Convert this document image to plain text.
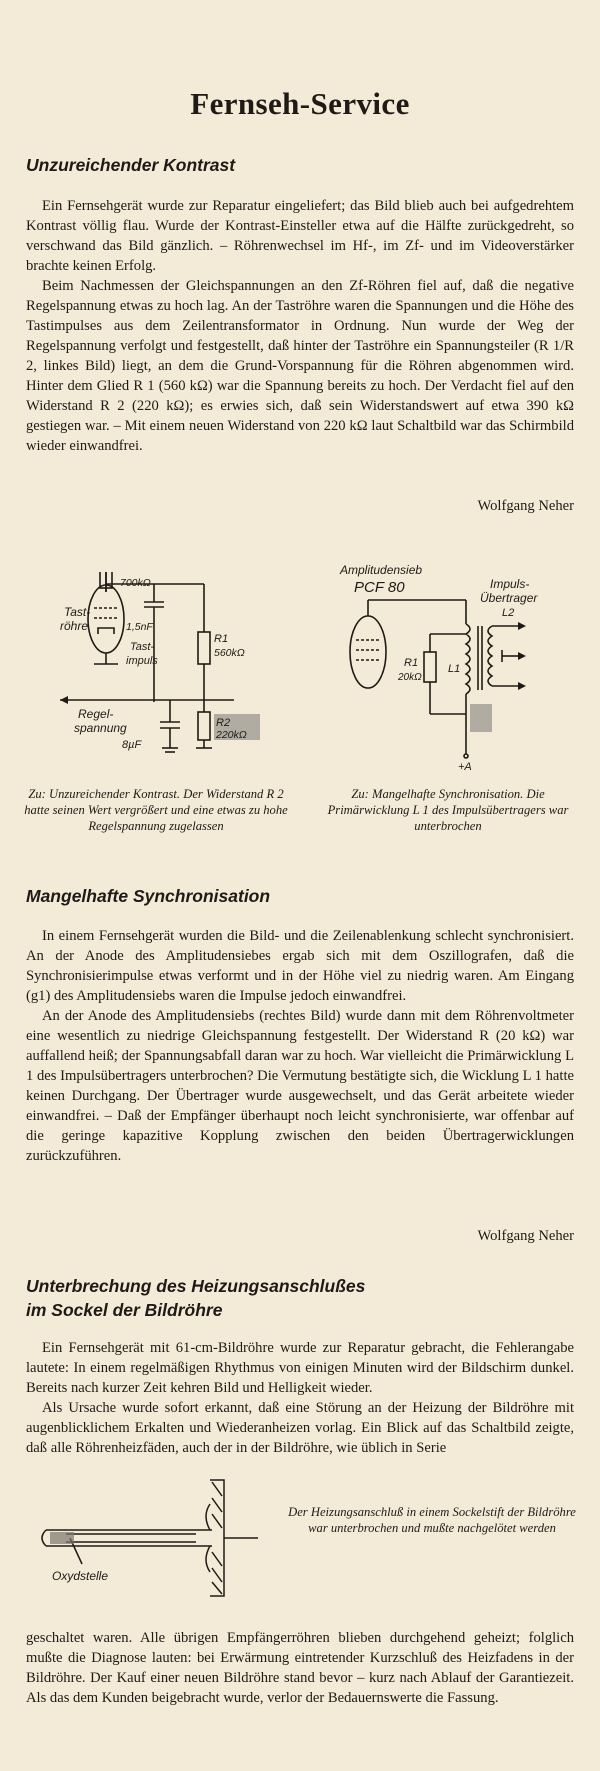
Fernseh-Service
Unzureichender Kontrast

Ein Fernsehgerät wurde zur Reparatur eingeliefert; das Bild blieb auch bei aufgedrehtem Kontrast völlig flau. Wurde der Kontrast-Einsteller etwa auf die Hälfte zurückgedreht, so verschwand das Bild gänzlich. – Röhrenwechsel im Hf-, im Zf- und im Videoverstärker brachte keinen Erfolg.

Beim Nachmessen der Gleichspannungen an den Zf-Röhren fiel auf, daß die negative Regelspannung etwas zu hoch lag. An der Taströhre waren die Spannungen und die Höhe des Tastimpulses aus dem Zeilentransformator in Ordnung. Nun wurde der Weg der Regelspannung verfolgt und festgestellt, daß hinter der Taströhre ein Spannungsteiler (R 1/R 2, linkes Bild) liegt, an dem die Grund-Vorspannung für die Röhren abgenommen wird. Hinter dem Glied R 1 (560 kΩ) war die Spannung bereits zu hoch. Der Verdacht fiel auf den Widerstand R 2 (220 kΩ); es erwies sich, daß sein Widerstandswert auf etwa 390 kΩ gestiegen war. – Mit einem neuen Widerstand von 220 kΩ laut Schaltbild war das Schirmbild wieder einwandfrei.

Wolfgang Neher
Tast-
röhre
700kΩ
1,5nF
Tast-
impuls
R1
560kΩ
R2
220kΩ
Regel-
spannung
8µF
Amplitudensieb
PCF 80	Impuls-
Übertrager
L2
L1
R1
20kΩ
+A

Zu: Unzureichender Kontrast. Der Widerstand R 2 hatte seinen Wert vergrößert und eine etwas zu hohe Regelspannung zugelassen

Zu: Mangelhafte Synchronisation. Die Primärwicklung L 1 des Impulsübertragers war unterbrochen

Mangelhafte Synchronisation

In einem Fernsehgerät wurden die Bild- und die Zeilenablenkung schlecht synchronisiert. An der Anode des Amplitudensiebes ergab sich mit dem Oszillografen, daß die Synchronisierimpulse etwas verformt und in der Höhe viel zu niedrig waren. Am Eingang (g1) des Amplitudensiebs waren die Impulse jedoch einwandfrei.

An der Anode des Amplitudensiebs (rechtes Bild) wurde dann mit dem Röhrenvoltmeter eine wesentlich zu niedrige Gleichspannung festgestellt. Der Widerstand R (20 kΩ) war auffallend heiß; der Spannungsabfall daran war zu hoch. War vielleicht die Primärwicklung L 1 des Impulsübertragers unterbrochen? Die Vermutung bestätigte sich, die Wicklung L 1 hatte keinen Durchgang. Der Übertrager wurde ausgewechselt, und das Gerät arbeitete wieder einwandfrei. – Daß der Empfänger überhaupt noch leicht synchronisierte, war offenbar auf die geringe kapazitive Kopplung zwischen den beiden Übertragerwicklungen zurückzuführen.

Wolfgang Neher
Unterbrechung des Heizungsanschlußes
im Sockel der Bildröhre

Ein Fernsehgerät mit 61-cm-Bildröhre wurde zur Reparatur gebracht, die Fehlerangabe lautete: In einem regelmäßigen Rhythmus von einigen Minuten wird der Bildschirm dunkel. Bereits nach kurzer Zeit kehren Bild und Helligkeit wieder.

Als Ursache wurde sofort erkannt, daß eine Störung an der Heizung der Bildröhre mit augenblicklichem Erkalten und Wiederanheizen vorlag. Ein Blick auf das Schaltbild zeigte, daß alle Röhrenheizfäden, auch der in der Bildröhre, wie üblich in Serie

Oxydstelle

Der Heizungsanschluß in einem Sockelstift der Bildröhre war unterbrochen und mußte nachgelötet werden

geschaltet waren. Alle übrigen Empfängerröhren blieben durchgehend geheizt; folglich mußte die Diagnose lauten: bei Erwärmung eintretender Kurzschluß des Heizfadens in der Bildröhre. Der Kauf einer neuen Bildröhre stand bevor – kurz nach Ablauf der Garantiezeit. Als das dem Kunden beigebracht wurde, verlor der Bedauernswerte die Fassung.
